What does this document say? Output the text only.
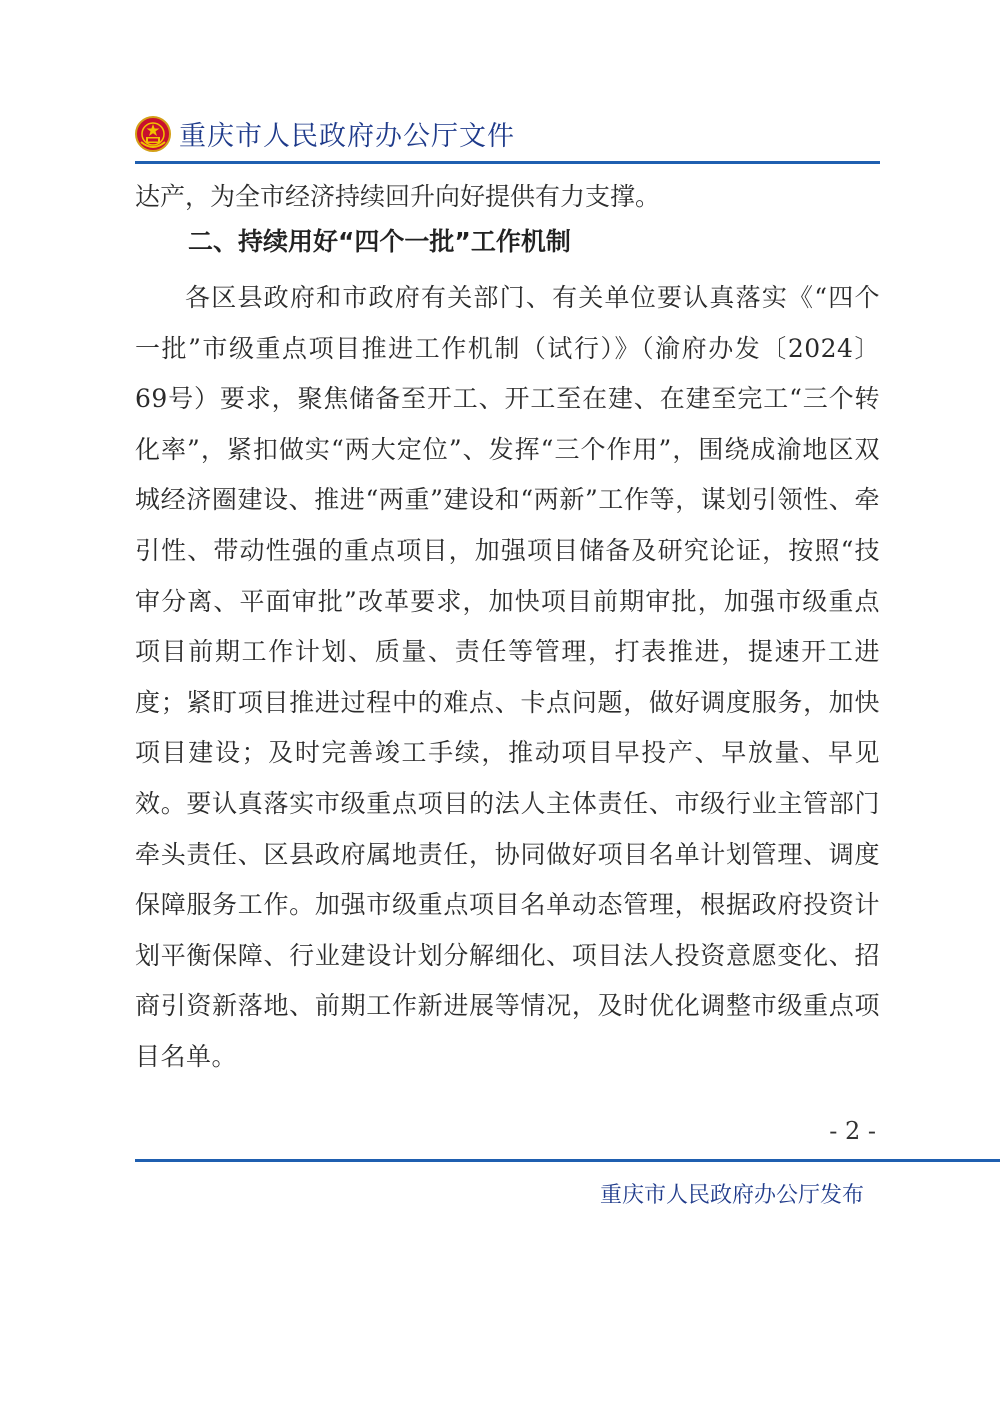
重庆市人民政府办公厅文件
达产，为全市经济持续回升向好提供有力支撑。
二、持续用好“四个一批”工作机制
各区县政府和市政府有关部门、有关单位要认真落实《“四个一批”市级重点项目推进工作机制（试行）》（渝府办发〔2024〕69号）要求，聚焦储备至开工、开工至在建、在建至完工“三个转化率”，紧扣做实“两大定位”、发挥“三个作用”，围绕成渝地区双城经济圈建设、推进“两重”建设和“两新”工作等，谋划引领性、牵引性、带动性强的重点项目，加强项目储备及研究论证，按照“技审分离、平面审批”改革要求，加快项目前期审批，加强市级重点项目前期工作计划、质量、责任等管理，打表推进，提速开工进度；紧盯项目推进过程中的难点、卡点问题，做好调度服务，加快项目建设；及时完善竣工手续，推动项目早投产、早放量、早见效。要认真落实市级重点项目的法人主体责任、市级行业主管部门牵头责任、区县政府属地责任，协同做好项目名单计划管理、调度保障服务工作。加强市级重点项目名单动态管理，根据政府投资计划平衡保障、行业建设计划分解细化、项目法人投资意愿变化、招商引资新落地、前期工作新进展等情况，及时优化调整市级重点项目名单。
- 2 -
重庆市人民政府办公厅发布
